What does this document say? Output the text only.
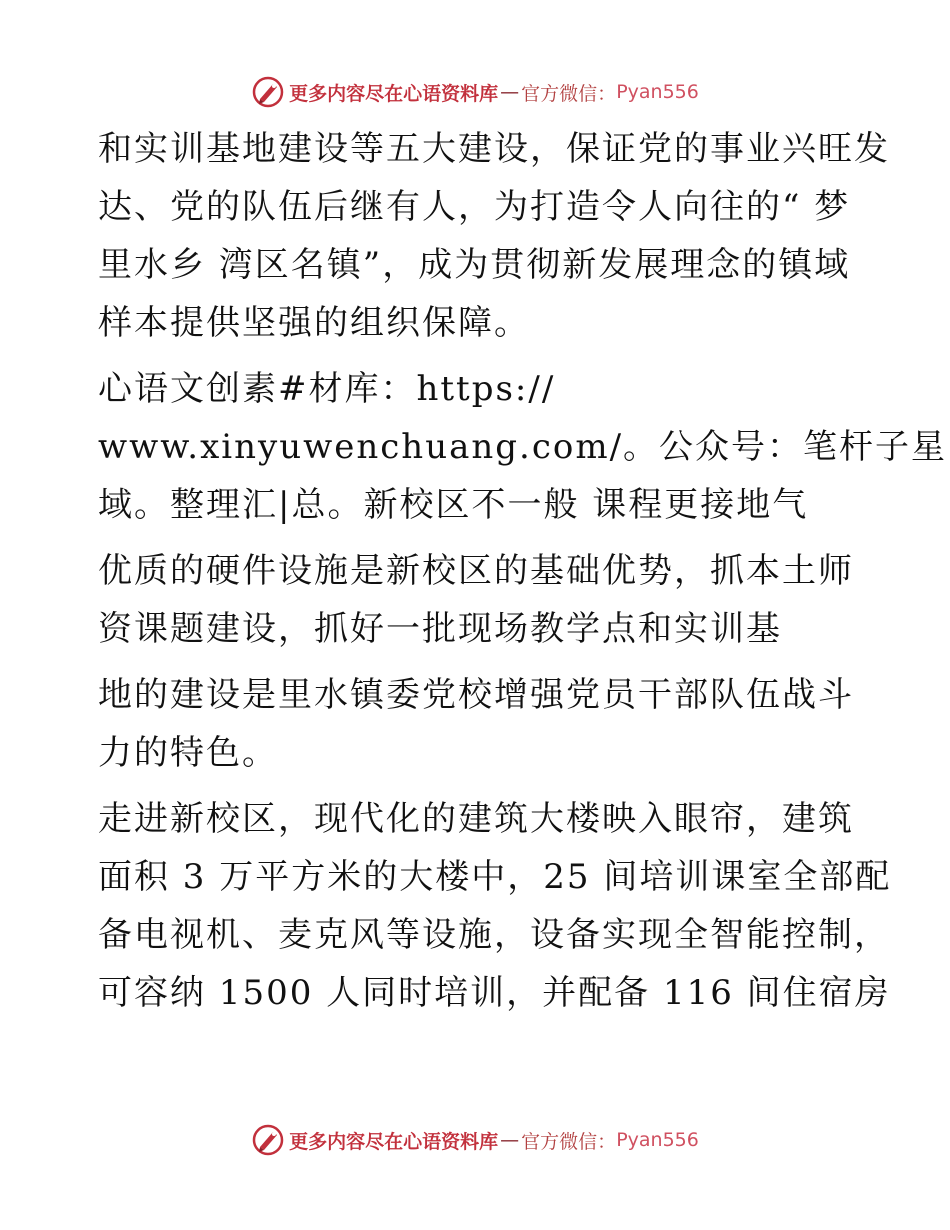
更多内容尽在心语资料库 — 官方微信： Pyan556
和实训基地建设等五大建设，保证党的事业兴旺发
达、党的队伍后继有人，为打造令人向往的“ 梦
里水乡 湾区名镇”，成为贯彻新发展理念的镇域
样本提供坚强的组织保障。
心语文创素#材库：https://
www.xinyuwenchuang.com/。公众号：笔杆子星
域。整理汇|总。新校区不一般 课程更接地气
优质的硬件设施是新校区的基础优势，抓本土师
资课题建设，抓好一批现场教学点和实训基
地的建设是里水镇委党校增强党员干部队伍战斗
力的特色。
走进新校区，现代化的建筑大楼映入眼帘，建筑
面积 3 万平方米的大楼中，25 间培训课室全部配
备电视机、麦克风等设施，设备实现全智能控制，
可容纳 1500 人同时培训，并配备 116 间住宿房
更多内容尽在心语资料库 — 官方微信： Pyan556
